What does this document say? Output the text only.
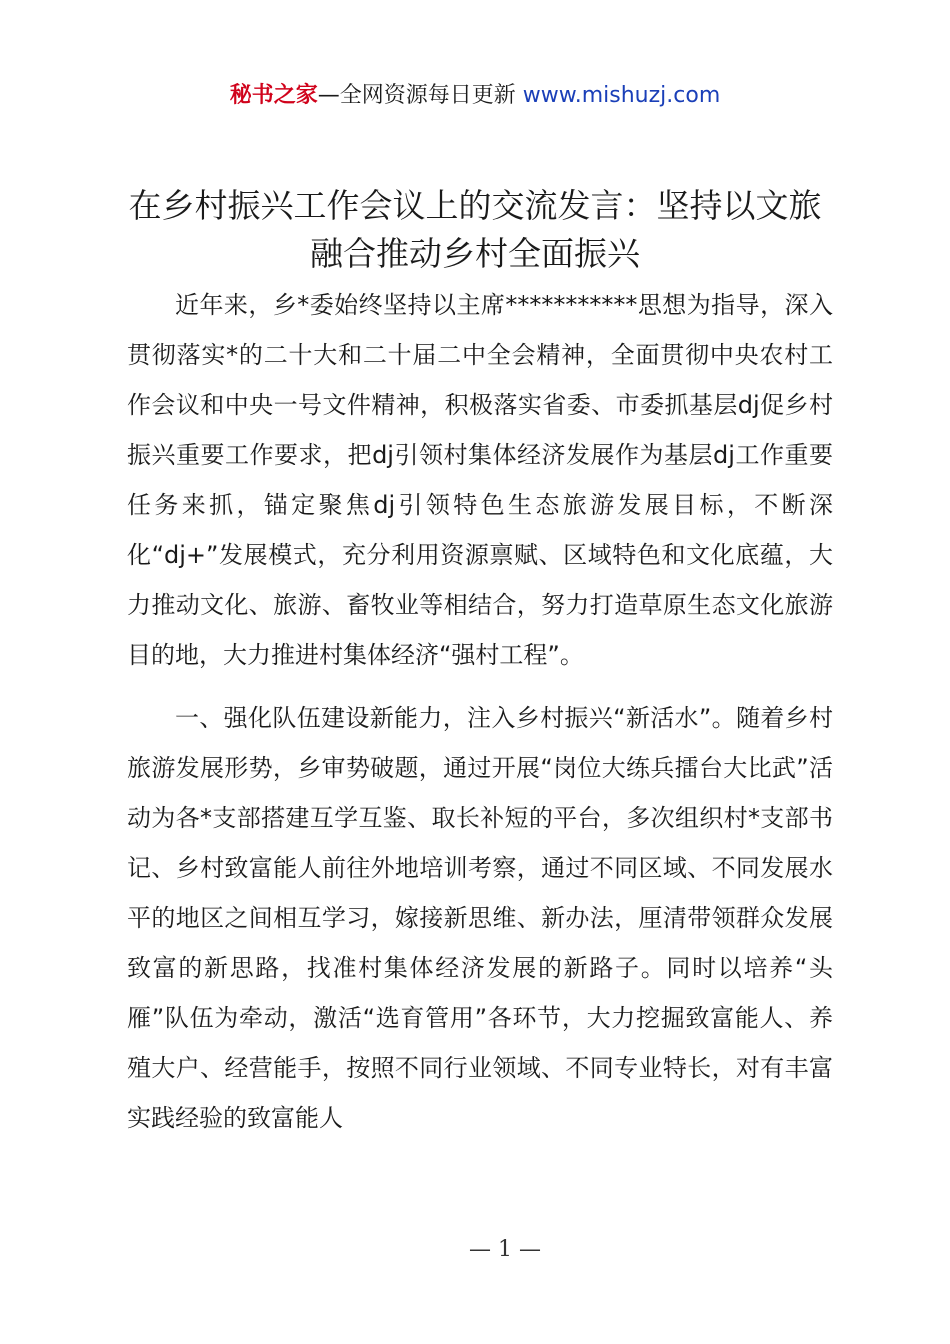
秘书之家—全网资源每日更新 www.mishuzj.com
在乡村振兴工作会议上的交流发言：坚持以文旅融合推动乡村全面振兴

近年来，乡*委始终坚持以主席***********思想为指导，深入贯彻落实*的二十大和二十届二中全会精神，全面贯彻中央农村工作会议和中央一号文件精神，积极落实省委、市委抓基层dj促乡村振兴重要工作要求，把dj引领村集体经济发展作为基层dj工作重要任务来抓，锚定聚焦dj引领特色生态旅游发展目标，不断深化“dj+”发展模式，充分利用资源禀赋、区域特色和文化底蕴，大力推动文化、旅游、畜牧业等相结合，努力打造草原生态文化旅游目的地，大力推进村集体经济“强村工程”。

一、强化队伍建设新能力，注入乡村振兴“新活水”。随着乡村旅游发展形势，乡审势破题，通过开展“岗位大练兵擂台大比武”活动为各*支部搭建互学互鉴、取长补短的平台，多次组织村*支部书记、乡村致富能人前往外地培训考察，通过不同区域、不同发展水平的地区之间相互学习，嫁接新思维、新办法，厘清带领群众发展致富的新思路，找准村集体经济发展的新路子。同时以培养“头雁”队伍为牵动，激活“选育管用”各环节，大力挖掘致富能人、养殖大户、经营能手，按照不同行业领域、不同专业特长，对有丰富实践经验的致富能人

— 1 —
